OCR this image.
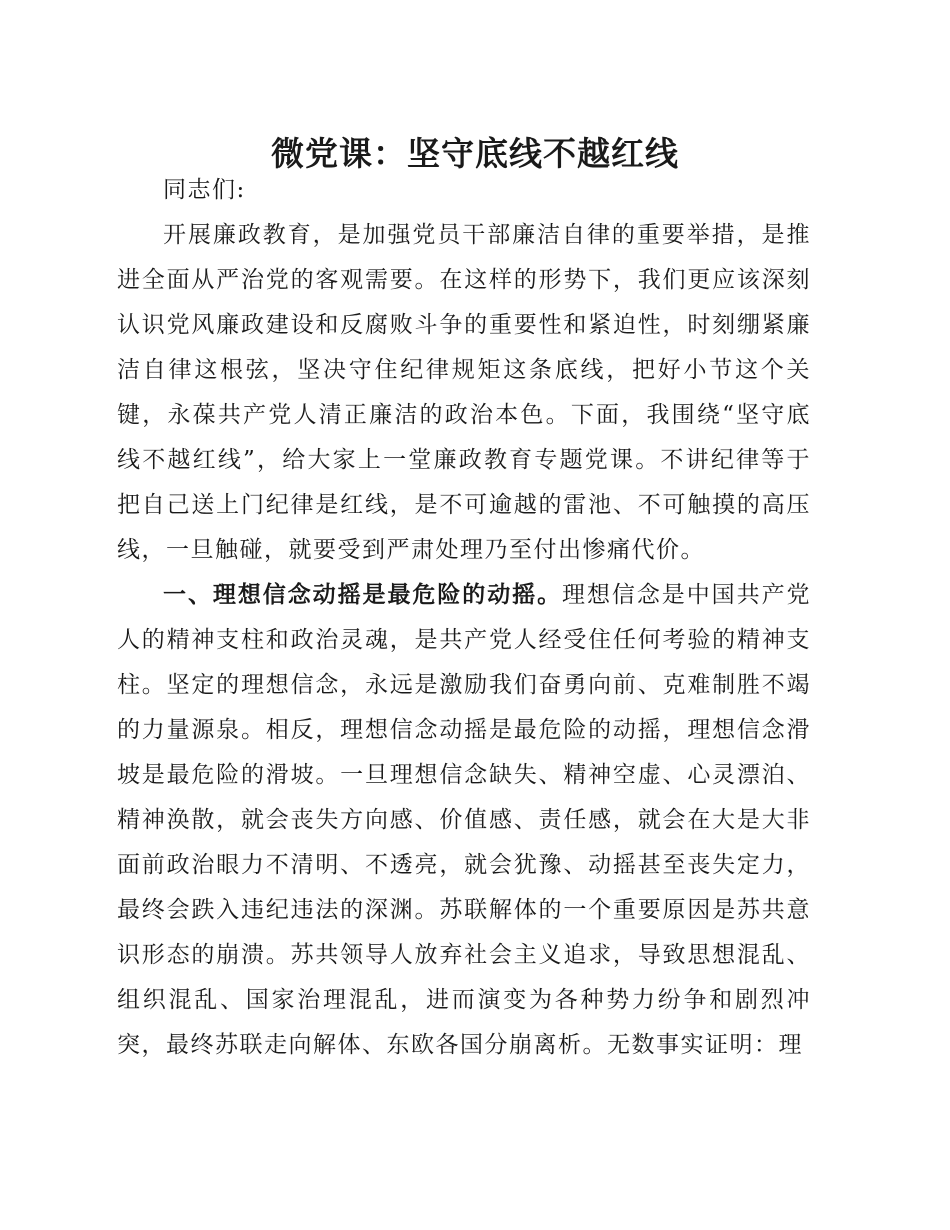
微党课：坚守底线不越红线

同志们:

开展廉政教育，是加强党员干部廉洁自律的重要举措，是推进全面从严治党的客观需要。在这样的形势下，我们更应该深刻认识党风廉政建设和反腐败斗争的重要性和紧迫性，时刻绷紧廉洁自律这根弦，坚决守住纪律规矩这条底线，把好小节这个关键，永葆共产党人清正廉洁的政治本色。下面，我围绕“坚守底线不越红线”，给大家上一堂廉政教育专题党课。不讲纪律等于把自己送上门纪律是红线，是不可逾越的雷池、不可触摸的高压线，一旦触碰，就要受到严肃处理乃至付出惨痛代价。

一、理想信念动摇是最危险的动摇。理想信念是中国共产党人的精神支柱和政治灵魂，是共产党人经受住任何考验的精神支柱。坚定的理想信念，永远是激励我们奋勇向前、克难制胜不竭的力量源泉。相反，理想信念动摇是最危险的动摇，理想信念滑坡是最危险的滑坡。一旦理想信念缺失、精神空虚、心灵漂泊、精神涣散，就会丧失方向感、价值感、责任感，就会在大是大非面前政治眼力不清明、不透亮，就会犹豫、动摇甚至丧失定力，最终会跌入违纪违法的深渊。苏联解体的一个重要原因是苏共意识形态的崩溃。苏共领导人放弃社会主义追求，导致思想混乱、组织混乱、国家治理混乱，进而演变为各种势力纷争和剧烈冲突，最终苏联走向解体、东欧各国分崩离析。无数事实证明：理
